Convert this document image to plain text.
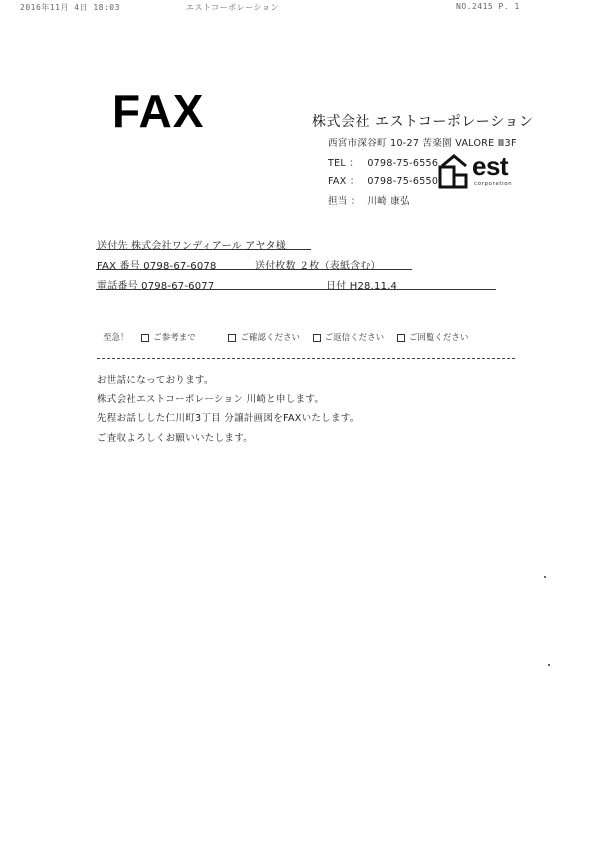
2016年11月 4日 18:03	エストコーポレーション	NO.2415 P. 1
FAX	株式会社 エストコーポレーション
西宮市深谷町 10-27 苦楽園 VALORE Ⅲ3F
TEL ： 0798-75-6556
FAX ： 0798-75-6550
担当 ： 川崎 康弘
est
corporation
送付先 株式会社ワンディアール アヤタ様
FAX 番号 0798-67-6078	送付枚数 ２枚（表紙含む）
電話番号 0798-67-6077	日付 H28.11.4
至急！	ご参考まで	ご確認ください	ご返信ください	ご回覧ください
お世話になっております。
株式会社エストコーポレーション 川崎と申します。
先程お話しした仁川町3丁目 分譲計画図をFAXいたします。
ご査収よろしくお願いいたします。
